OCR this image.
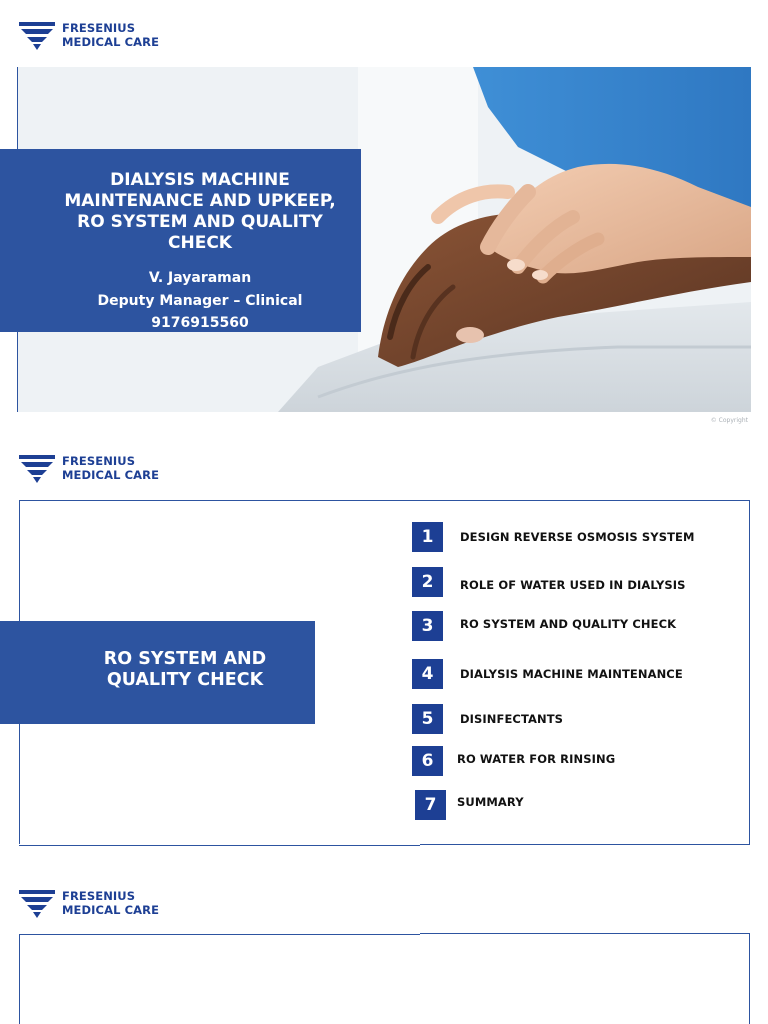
FRESENIUS
MEDICAL CARE
DIALYSIS MACHINE
MAINTENANCE AND UPKEEP,
RO SYSTEM AND QUALITY
CHECK
V. Jayaraman
Deputy Manager – Clinical
9176915560
© Copyright
FRESENIUS
MEDICAL CARE
RO SYSTEM AND
QUALITY CHECK
1	DESIGN REVERSE OSMOSIS SYSTEM
2	ROLE OF WATER USED IN DIALYSIS
3	RO SYSTEM AND QUALITY CHECK
4	DIALYSIS MACHINE MAINTENANCE
5	DISINFECTANTS
6	RO WATER FOR RINSING
7	SUMMARY
FRESENIUS
MEDICAL CARE
